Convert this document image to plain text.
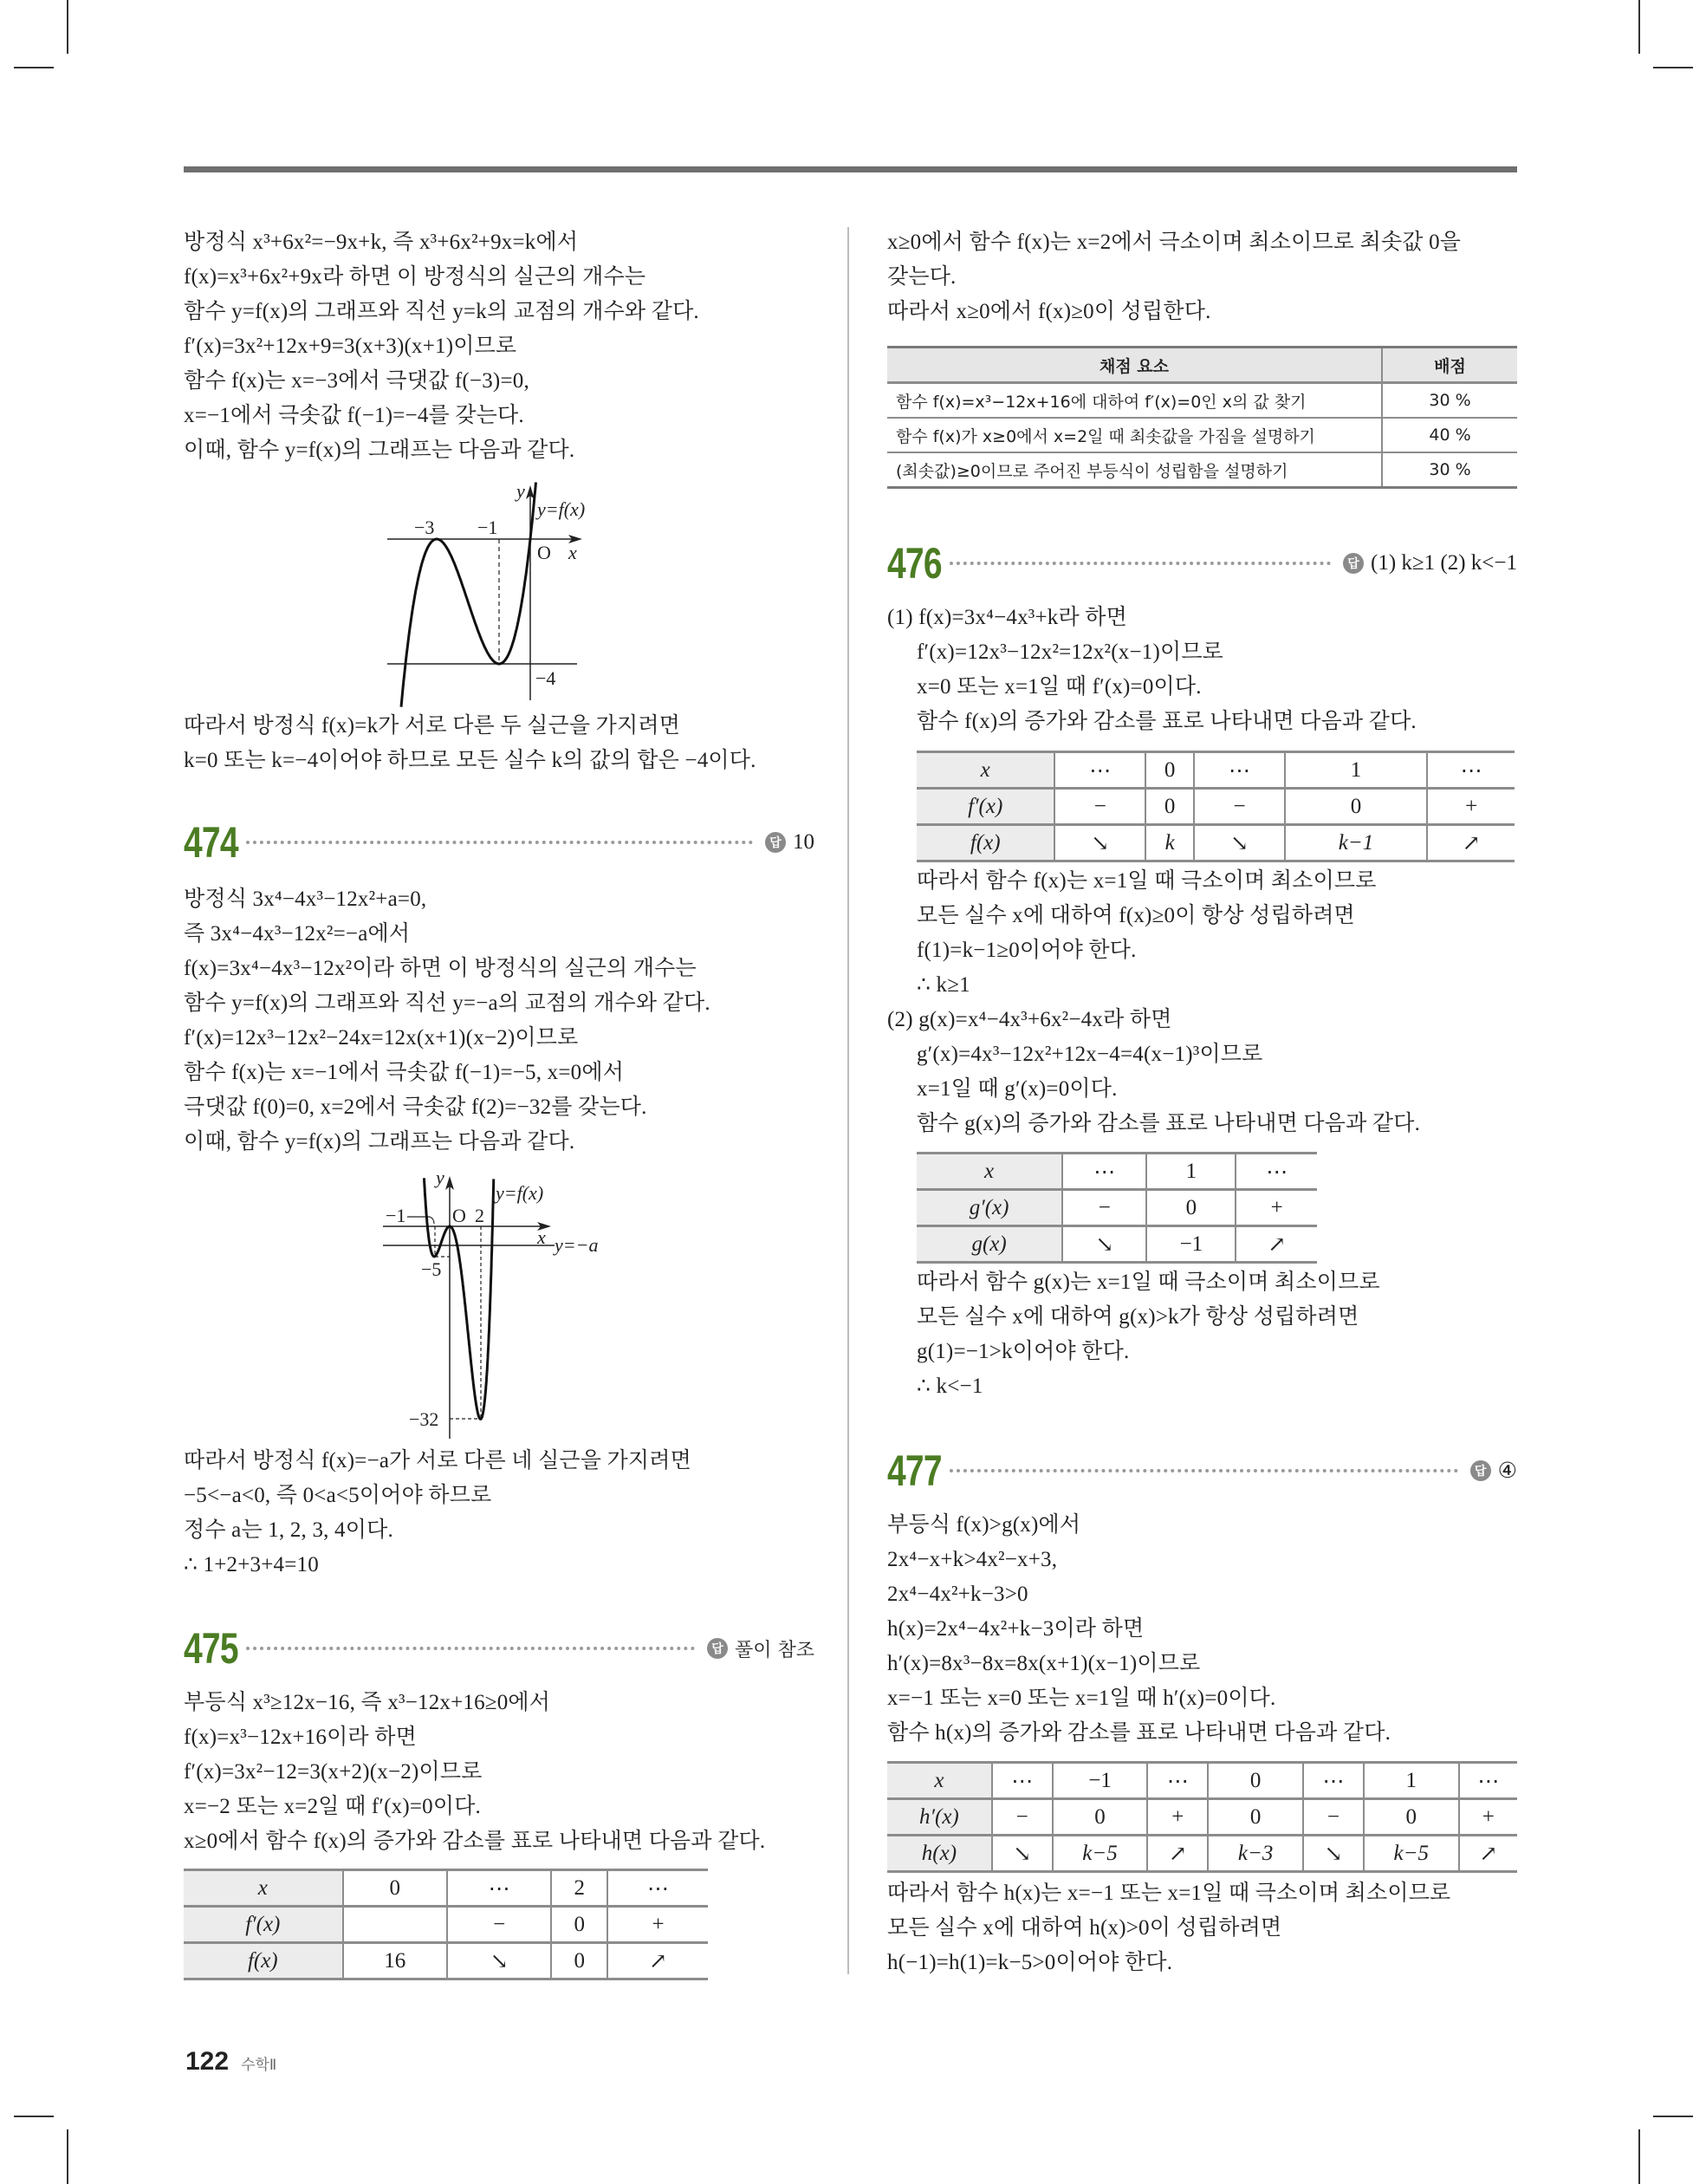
방정식 x³+6x²=−9x+k, 즉 x³+6x²+9x=k에서
f(x)=x³+6x²+9x라 하면 이 방정식의 실근의 개수는
함수 y=f(x)의 그래프와 직선 y=k의 교점의 개수와 같다.
f′(x)=3x²+12x+9=3(x+3)(x+1)이므로
함수 f(x)는 x=−3에서 극댓값 f(−3)=0,
x=−1에서 극솟값 f(−1)=−4를 갖는다.
이때, 함수 y=f(x)의 그래프는 다음과 같다.
y
y=f(x)
−3 −1
O x
−4
따라서 방정식 f(x)=k가 서로 다른 두 실근을 가지려면
k=0 또는 k=−4이어야 하므로 모든 실수 k의 값의 합은 −4이다.
474	답 10
방정식 3x⁴−4x³−12x²+a=0,
즉 3x⁴−4x³−12x²=−a에서
f(x)=3x⁴−4x³−12x²이라 하면 이 방정식의 실근의 개수는
함수 y=f(x)의 그래프와 직선 y=−a의 교점의 개수와 같다.
f′(x)=12x³−12x²−24x=12x(x+1)(x−2)이므로
함수 f(x)는 x=−1에서 극솟값 f(−1)=−5, x=0에서
극댓값 f(0)=0, x=2에서 극솟값 f(2)=−32를 갖는다.
이때, 함수 y=f(x)의 그래프는 다음과 같다.
y
y=f(x)
−1 O 2
x y=−a
−5
−32
따라서 방정식 f(x)=−a가 서로 다른 네 실근을 가지려면
−5<−a<0, 즉 0<a<5이어야 하므로
정수 a는 1, 2, 3, 4이다.
∴ 1+2+3+4=10
475	답 풀이 참조
부등식 x³≥12x−16, 즉 x³−12x+16≥0에서
f(x)=x³−12x+16이라 하면
f′(x)=3x²−12=3(x+2)(x−2)이므로
x=−2 또는 x=2일 때 f′(x)=0이다.
x≥0에서 함수 f(x)의 증가와 감소를 표로 나타내면 다음과 같다.
x	0	⋯	2	⋯
f′(x)		−	0	+
f(x)	16	↘	0	↗
122 수학Ⅱ
x≥0에서 함수 f(x)는 x=2에서 극소이며 최소이므로 최솟값 0을
갖는다.
따라서 x≥0에서 f(x)≥0이 성립한다.
채점 요소	배점
함수 f(x)=x³−12x+16에 대하여 f′(x)=0인 x의 값 찾기	30 %
함수 f(x)가 x≥0에서 x=2일 때 최솟값을 가짐을 설명하기	40 %
(최솟값)≥0이므로 주어진 부등식이 성립함을 설명하기	30 %
476	답 (1) k≥1 (2) k<−1
(1) f(x)=3x⁴−4x³+k라 하면
f′(x)=12x³−12x²=12x²(x−1)이므로
x=0 또는 x=1일 때 f′(x)=0이다.
함수 f(x)의 증가와 감소를 표로 나타내면 다음과 같다.
x	⋯	0	⋯	1	⋯
f′(x)	−	0	−	0	+
f(x)	↘	k	↘	k−1	↗
따라서 함수 f(x)는 x=1일 때 극소이며 최소이므로
모든 실수 x에 대하여 f(x)≥0이 항상 성립하려면
f(1)=k−1≥0이어야 한다.
∴ k≥1
(2) g(x)=x⁴−4x³+6x²−4x라 하면
g′(x)=4x³−12x²+12x−4=4(x−1)³이므로
x=1일 때 g′(x)=0이다.
함수 g(x)의 증가와 감소를 표로 나타내면 다음과 같다.
x	⋯	1	⋯
g′(x)	−	0	+
g(x)	↘	−1	↗
따라서 함수 g(x)는 x=1일 때 극소이며 최소이므로
모든 실수 x에 대하여 g(x)>k가 항상 성립하려면
g(1)=−1>k이어야 한다.
∴ k<−1
477	답 ④
부등식 f(x)>g(x)에서
2x⁴−x+k>4x²−x+3,
2x⁴−4x²+k−3>0
h(x)=2x⁴−4x²+k−3이라 하면
h′(x)=8x³−8x=8x(x+1)(x−1)이므로
x=−1 또는 x=0 또는 x=1일 때 h′(x)=0이다.
함수 h(x)의 증가와 감소를 표로 나타내면 다음과 같다.
x	⋯	−1	⋯	0	⋯	1	⋯
h′(x)	−	0	+	0	−	0	+
h(x)	↘	k−5	↗	k−3	↘	k−5	↗
따라서 함수 h(x)는 x=−1 또는 x=1일 때 극소이며 최소이므로
모든 실수 x에 대하여 h(x)>0이 성립하려면
h(−1)=h(1)=k−5>0이어야 한다.
